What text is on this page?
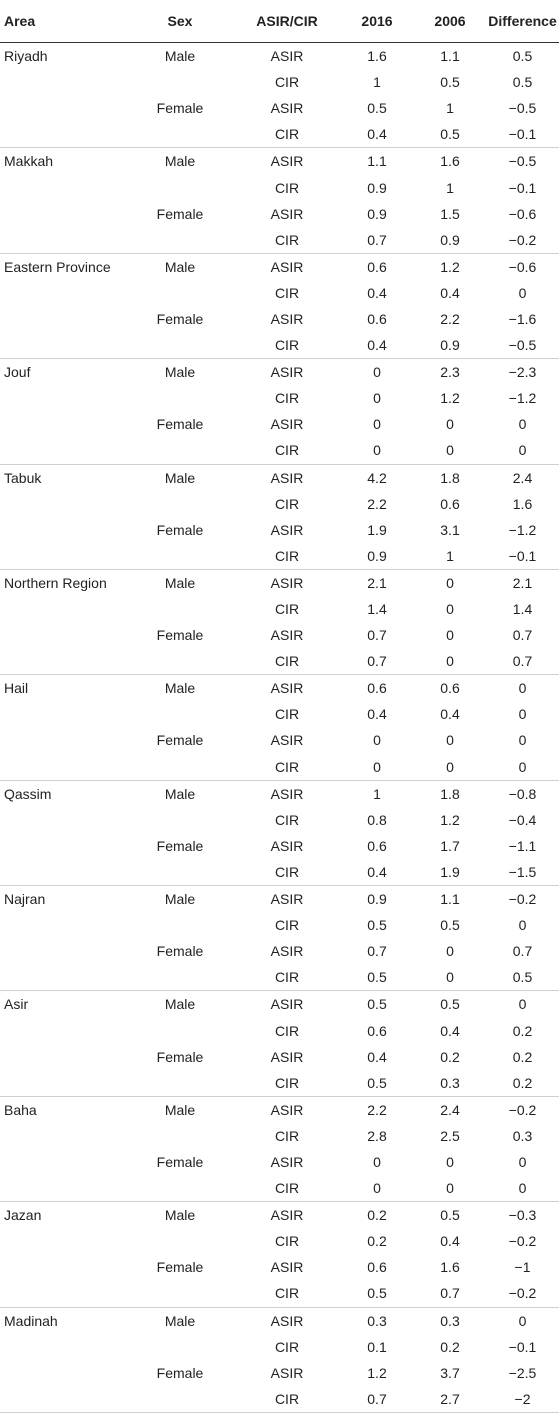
Area	Sex	ASIR/CIR	2016	2006	Difference
Riyadh	Male	ASIR	1.6	1.1	0.5
		CIR	1	0.5	0.5
	Female	ASIR	0.5	1	−0.5
		CIR	0.4	0.5	−0.1
Makkah	Male	ASIR	1.1	1.6	−0.5
		CIR	0.9	1	−0.1
	Female	ASIR	0.9	1.5	−0.6
		CIR	0.7	0.9	−0.2
Eastern Province	Male	ASIR	0.6	1.2	−0.6
		CIR	0.4	0.4	0
	Female	ASIR	0.6	2.2	−1.6
		CIR	0.4	0.9	−0.5
Jouf	Male	ASIR	0	2.3	−2.3
		CIR	0	1.2	−1.2
	Female	ASIR	0	0	0
		CIR	0	0	0
Tabuk	Male	ASIR	4.2	1.8	2.4
		CIR	2.2	0.6	1.6
	Female	ASIR	1.9	3.1	−1.2
		CIR	0.9	1	−0.1
Northern Region	Male	ASIR	2.1	0	2.1
		CIR	1.4	0	1.4
	Female	ASIR	0.7	0	0.7
		CIR	0.7	0	0.7
Hail	Male	ASIR	0.6	0.6	0
		CIR	0.4	0.4	0
	Female	ASIR	0	0	0
		CIR	0	0	0
Qassim	Male	ASIR	1	1.8	−0.8
		CIR	0.8	1.2	−0.4
	Female	ASIR	0.6	1.7	−1.1
		CIR	0.4	1.9	−1.5
Najran	Male	ASIR	0.9	1.1	−0.2
		CIR	0.5	0.5	0
	Female	ASIR	0.7	0	0.7
		CIR	0.5	0	0.5
Asir	Male	ASIR	0.5	0.5	0
		CIR	0.6	0.4	0.2
	Female	ASIR	0.4	0.2	0.2
		CIR	0.5	0.3	0.2
Baha	Male	ASIR	2.2	2.4	−0.2
		CIR	2.8	2.5	0.3
	Female	ASIR	0	0	0
		CIR	0	0	0
Jazan	Male	ASIR	0.2	0.5	−0.3
		CIR	0.2	0.4	−0.2
	Female	ASIR	0.6	1.6	−1
		CIR	0.5	0.7	−0.2
Madinah	Male	ASIR	0.3	0.3	0
		CIR	0.1	0.2	−0.1
	Female	ASIR	1.2	3.7	−2.5
		CIR	0.7	2.7	−2
